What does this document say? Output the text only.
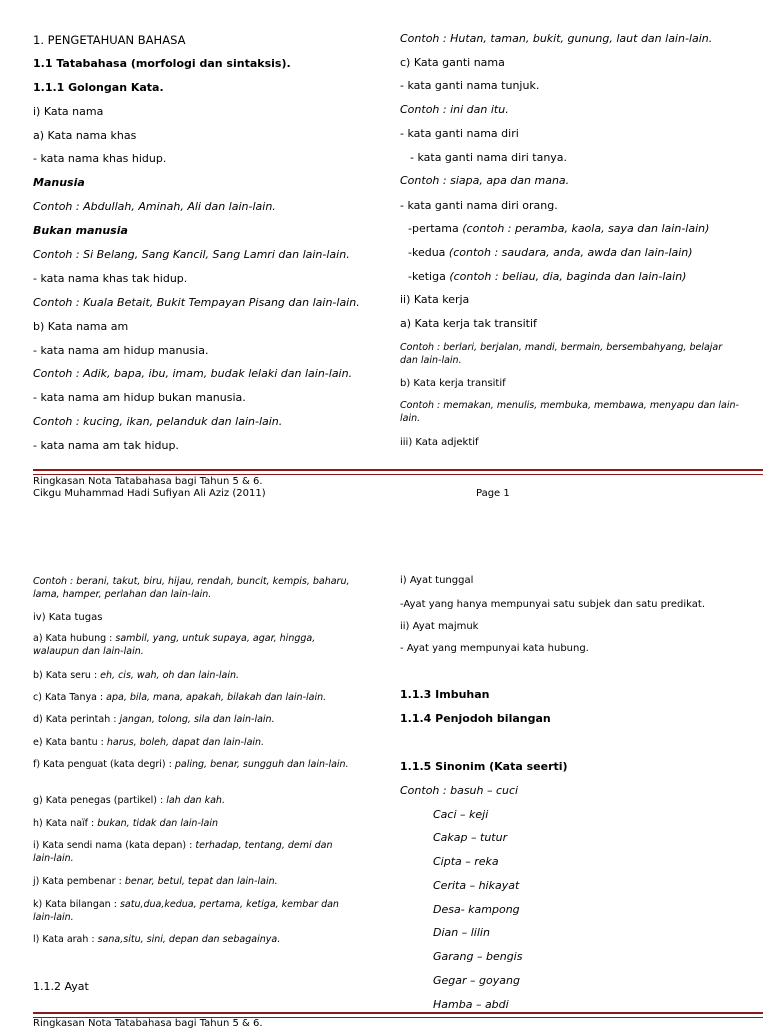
1. PENGETAHUAN BAHASA
1.1 Tatabahasa (morfologi dan sintaksis).
1.1.1 Golongan Kata.
i) Kata nama
a) Kata nama khas
- kata nama khas hidup.
Manusia
Contoh : Abdullah, Aminah, Ali dan lain-lain.
Bukan manusia
Contoh : Si Belang, Sang Kancil, Sang Lamri dan lain-lain.
- kata nama khas tak hidup.
Contoh : Kuala Betait, Bukit Tempayan Pisang dan lain-lain.
b) Kata nama am
- kata nama am hidup manusia.
Contoh : Adik, bapa, ibu, imam, budak lelaki dan lain-lain.
- kata nama am hidup bukan manusia.
Contoh : kucing, ikan, pelanduk dan lain-lain.
- kata nama am tak hidup.
Contoh : Hutan, taman, bukit, gunung, laut dan lain-lain.
c) Kata ganti nama
- kata ganti nama tunjuk.
Contoh : ini dan itu.
- kata ganti nama diri
- kata ganti nama diri tanya.
Contoh : siapa, apa dan mana.
- kata ganti nama diri orang.
-pertama (contoh : peramba, kaola, saya dan lain-lain)
-kedua (contoh : saudara, anda, awda dan lain-lain)
-ketiga (contoh : beliau, dia, baginda dan lain-lain)
ii) Kata kerja
a) Kata kerja tak transitif
Contoh : berlari, berjalan, mandi, bermain, bersembahyang, belajar dan lain-lain.
b) Kata kerja transitif
Contoh : memakan, menulis, membuka, membawa, menyapu dan lain-lain.
iii) Kata adjektif
Ringkasan Nota Tatabahasa bagi Tahun 5 & 6.
Cikgu Muhammad Hadi Sufiyan Ali Aziz (2011)	Page 1
Contoh : berani, takut, biru, hijau, rendah, buncit, kempis, baharu, lama, hamper, perlahan dan lain-lain.
iv) Kata tugas
a) Kata hubung : sambil, yang, untuk supaya, agar, hingga, walaupun dan lain-lain.
b) Kata seru : eh, cis, wah, oh dan lain-lain.
c) Kata Tanya : apa, bila, mana, apakah, bilakah dan lain-lain.
d) Kata perintah : jangan, tolong, sila dan lain-lain.
e) Kata bantu : harus, boleh, dapat dan lain-lain.
f) Kata penguat (kata degri) : paling, benar, sungguh dan lain-lain.
g) Kata penegas (partikel) : lah dan kah.
h) Kata naïf : bukan, tidak dan lain-lain
i) Kata sendi nama (kata depan) : terhadap, tentang, demi dan lain-lain.
j) Kata pembenar : benar, betul, tepat dan lain-lain.
k) Kata bilangan : satu,dua,kedua, pertama, ketiga, kembar dan lain-lain.
l) Kata arah : sana,situ, sini, depan dan sebagainya.
1.1.2 Ayat
i) Ayat tunggal
-Ayat yang hanya mempunyai satu subjek dan satu predikat.
ii) Ayat majmuk
- Ayat yang mempunyai kata hubung.
1.1.3 Imbuhan
1.1.4 Penjodoh bilangan
1.1.5 Sinonim (Kata seerti)
Contoh : basuh – cuci
Caci – keji
Cakap – tutur
Cipta – reka
Cerita – hikayat
Desa- kampong
Dian – lilin
Garang – bengis
Gegar – goyang
Hamba – abdi
Ringkasan Nota Tatabahasa bagi Tahun 5 & 6.
